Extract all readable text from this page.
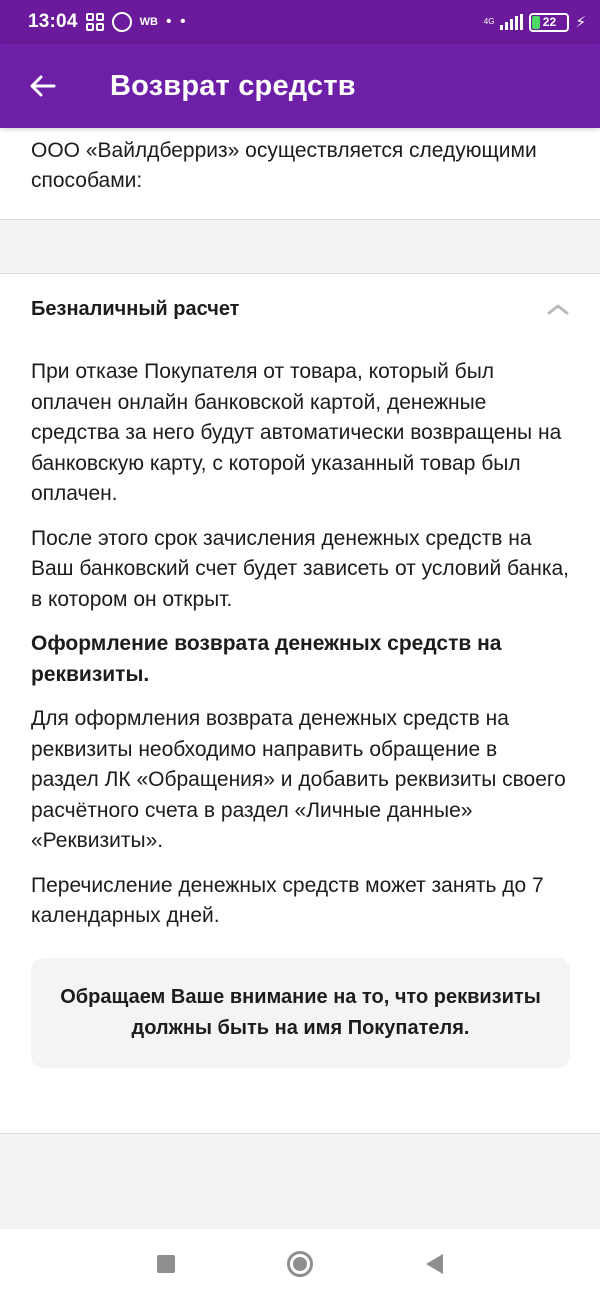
13:04	WB • •	4G	22 ⚡
Возврат средств
ООО «Вайлдберриз» осуществляется следующими способами:
Безналичный расчет

При отказе Покупателя от товара, который был оплачен онлайн банковской картой, денежные средства за него будут автоматически возвращены на банковскую карту, с которой указанный товар был оплачен.

После этого срок зачисления денежных средств на Ваш банковский счет будет зависеть от условий банка, в котором он открыт.

Оформление возврата денежных средств на реквизиты.

Для оформления возврата денежных средств на реквизиты необходимо направить обращение в раздел ЛК «Обращения» и добавить реквизиты своего расчётного счета в раздел «Личные данные» «Реквизиты».

Перечисление денежных средств может занять до 7 календарных дней.

Обращаем Ваше внимание на то, что реквизиты должны быть на имя Покупателя.
